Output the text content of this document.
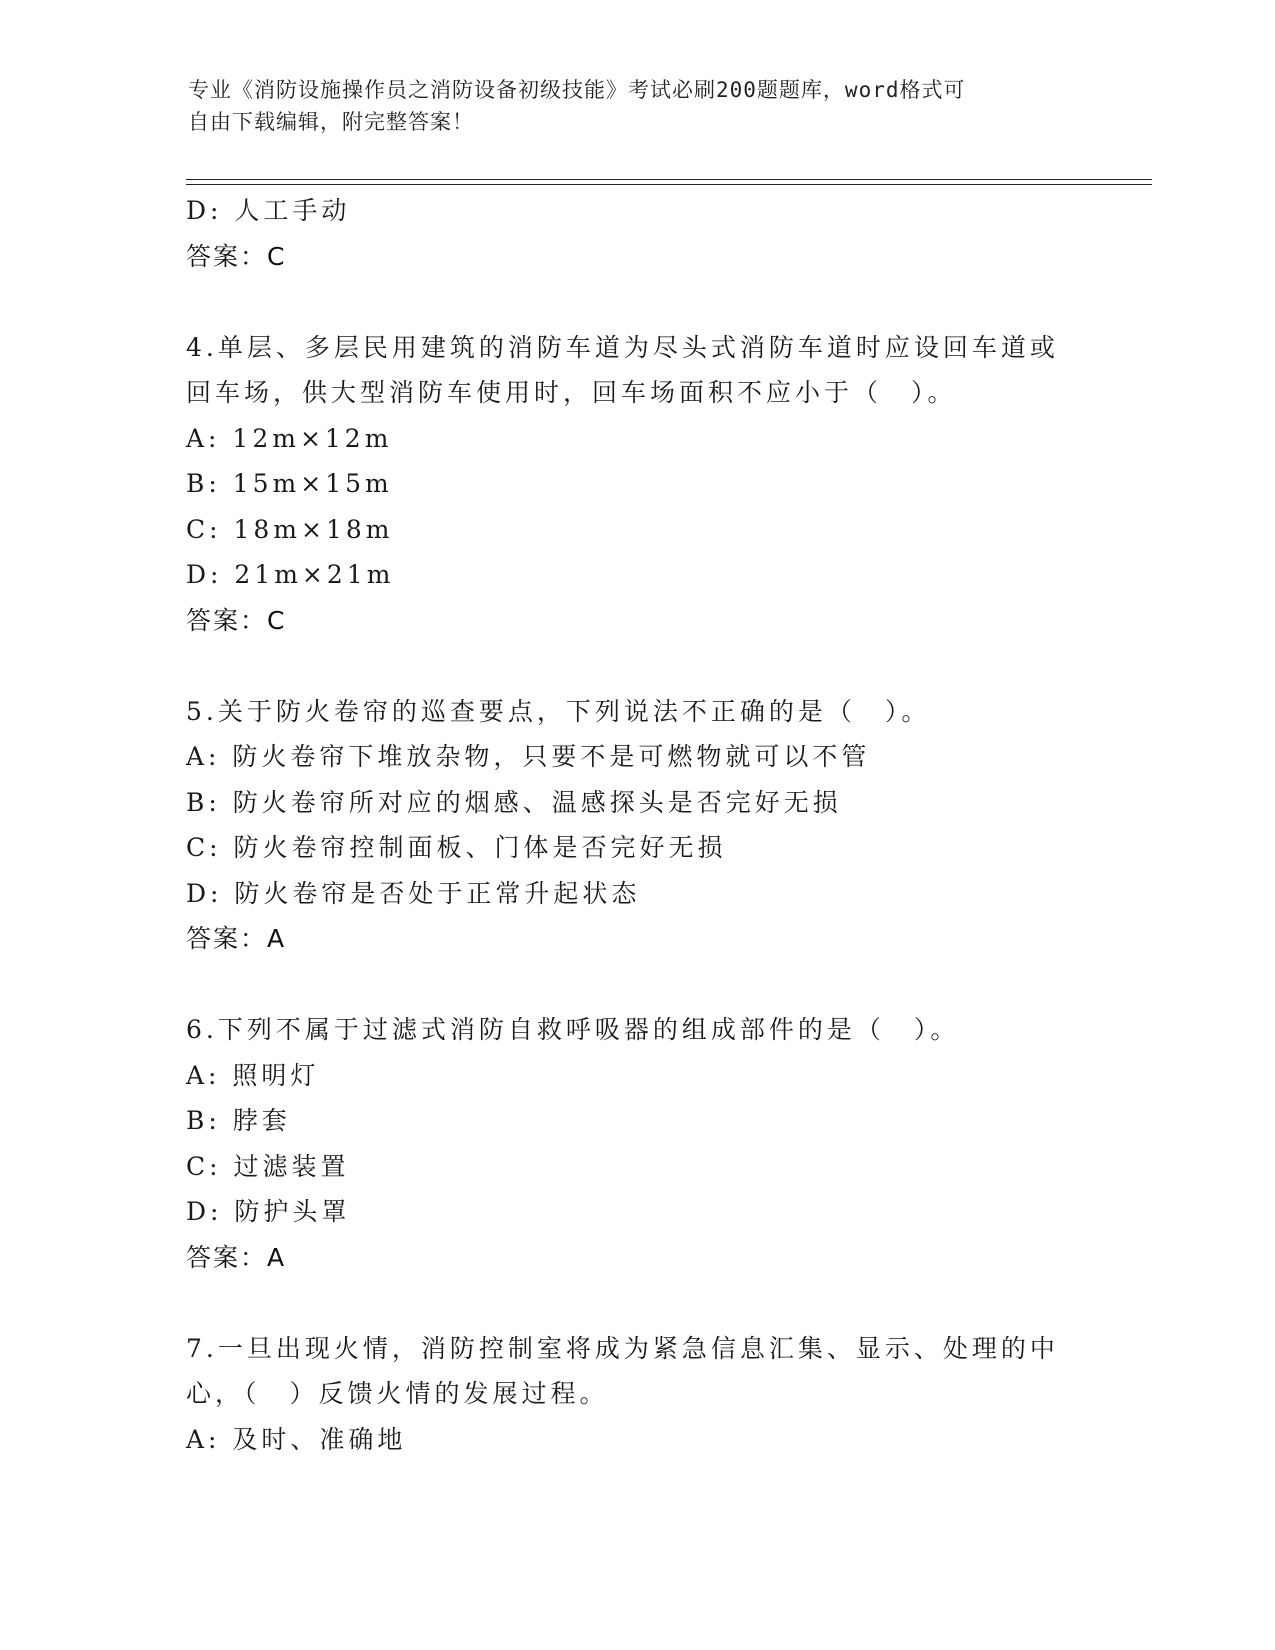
专业《消防设施操作员之消防设备初级技能》考试必刷200题题库，word格式可
自由下载编辑，附完整答案！
D: 人工手动
答案：C
4.单层、多层民用建筑的消防车道为尽头式消防车道时应设回车道或
回车场，供大型消防车使用时，回车场面积不应小于（　）。
A: 12m×12m
B: 15m×15m
C: 18m×18m
D: 21m×21m
答案：C
5.关于防火卷帘的巡查要点，下列说法不正确的是（　）。
A: 防火卷帘下堆放杂物，只要不是可燃物就可以不管
B: 防火卷帘所对应的烟感、温感探头是否完好无损
C: 防火卷帘控制面板、门体是否完好无损
D: 防火卷帘是否处于正常升起状态
答案：A
6.下列不属于过滤式消防自救呼吸器的组成部件的是（　）。
A: 照明灯
B: 脖套
C: 过滤装置
D: 防护头罩
答案：A
7.一旦出现火情，消防控制室将成为紧急信息汇集、显示、处理的中
心，（　）反馈火情的发展过程。
A: 及时、准确地
